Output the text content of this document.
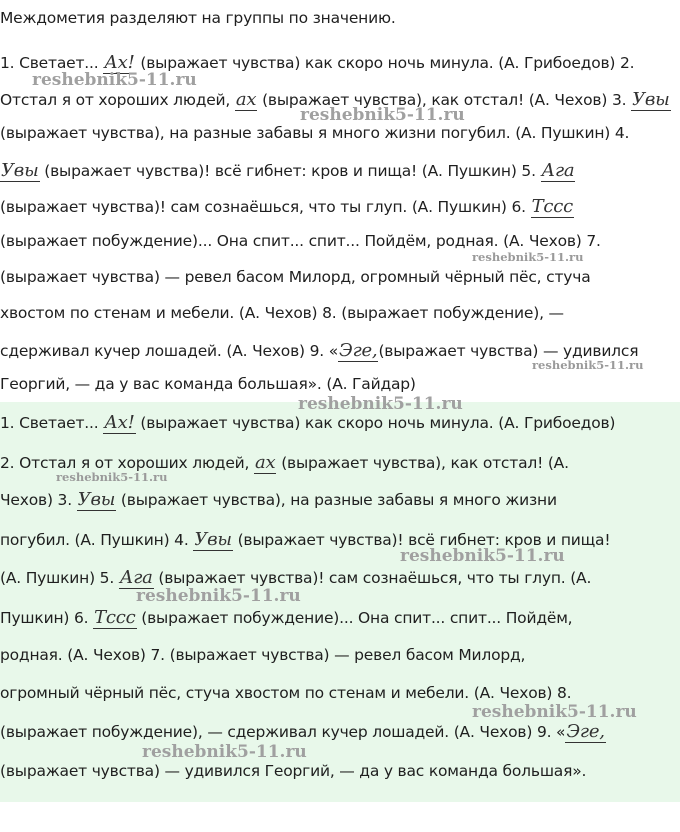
Междометия разделяют на группы по значению.
1. Светает... Ах! (выражает чувства) как скоро ночь минула. (А. Грибоедов) 2.
Отстал я от хороших людей, ах (выражает чувства), как отстал! (А. Чехов) 3. Увы
(выражает чувства), на разные забавы я много жизни погубил. (А. Пушкин) 4.
Увы (выражает чувства)! всё гибнет: кров и пища! (А. Пушкин) 5. Ага
(выражает чувства)! сам сознаёшься, что ты глуп. (А. Пушкин) 6. Тссс
(выражает побуждение)... Она спит... спит... Пойдём, родная. (А. Чехов) 7.
(выражает чувства) — ревел басом Милорд, огромный чёрный пёс, стуча
хвостом по стенам и мебели. (А. Чехов) 8. (выражает побуждение), —
сдерживал кучер лошадей. (А. Чехов) 9. «Эге,(выражает чувства) — удивился
Георгий, — да у вас команда большая». (А. Гайдар)
1. Светает... Ах! (выражает чувства) как скоро ночь минула. (А. Грибоедов)
2. Отстал я от хороших людей, ах (выражает чувства), как отстал! (А.
Чехов) 3. Увы (выражает чувства), на разные забавы я много жизни
погубил. (А. Пушкин) 4. Увы (выражает чувства)! всё гибнет: кров и пища!
(А. Пушкин) 5. Ага (выражает чувства)! сам сознаёшься, что ты глуп. (А.
Пушкин) 6. Тссс (выражает побуждение)... Она спит... спит... Пойдём,
родная. (А. Чехов) 7. (выражает чувства) — ревел басом Милорд,
огромный чёрный пёс, стуча хвостом по стенам и мебели. (А. Чехов) 8.
(выражает побуждение), — сдерживал кучер лошадей. (А. Чехов) 9. «Эге,
(выражает чувства) — удивился Георгий, — да у вас команда большая».
reshebnik5-11.ru
reshebnik5-11.ru
reshebnik5-11.ru
reshebnik5-11.ru
reshebnik5-11.ru
reshebnik5-11.ru
reshebnik5-11.ru
reshebnik5-11.ru
reshebnik5-11.ru
reshebnik5-11.ru
